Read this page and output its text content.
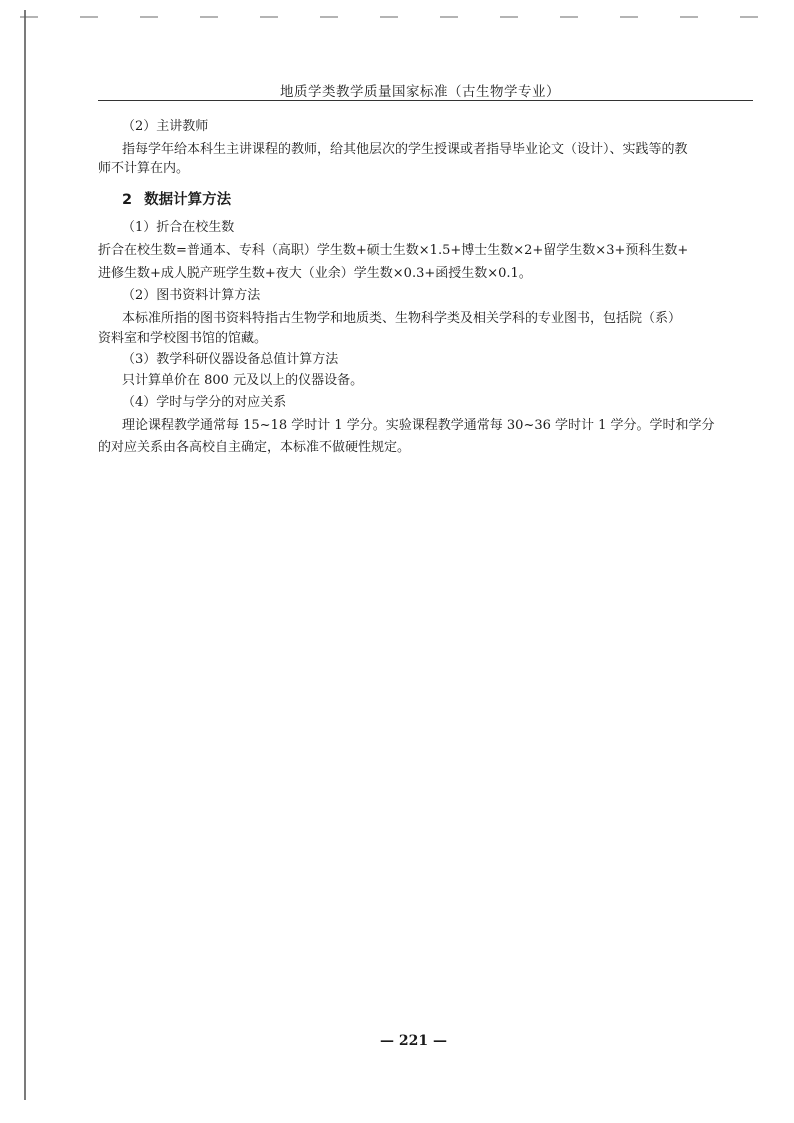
地质学类教学质量国家标准（古生物学专业）
（2）主讲教师
指每学年给本科生主讲课程的教师，给其他层次的学生授课或者指导毕业论文（设计）、实践等的教
师不计算在内。
2 数据计算方法
（1）折合在校生数
折合在校生数=普通本、专科（高职）学生数+硕士生数×1.5+博士生数×2+留学生数×3+预科生数+
进修生数+成人脱产班学生数+夜大（业余）学生数×0.3+函授生数×0.1。
（2）图书资料计算方法
本标准所指的图书资料特指古生物学和地质类、生物科学类及相关学科的专业图书，包括院（系）
资料室和学校图书馆的馆藏。
（3）教学科研仪器设备总值计算方法
只计算单价在 800 元及以上的仪器设备。
（4）学时与学分的对应关系
理论课程教学通常每 15~18 学时计 1 学分。实验课程教学通常每 30~36 学时计 1 学分。学时和学分
的对应关系由各高校自主确定，本标准不做硬性规定。
— 221 —
